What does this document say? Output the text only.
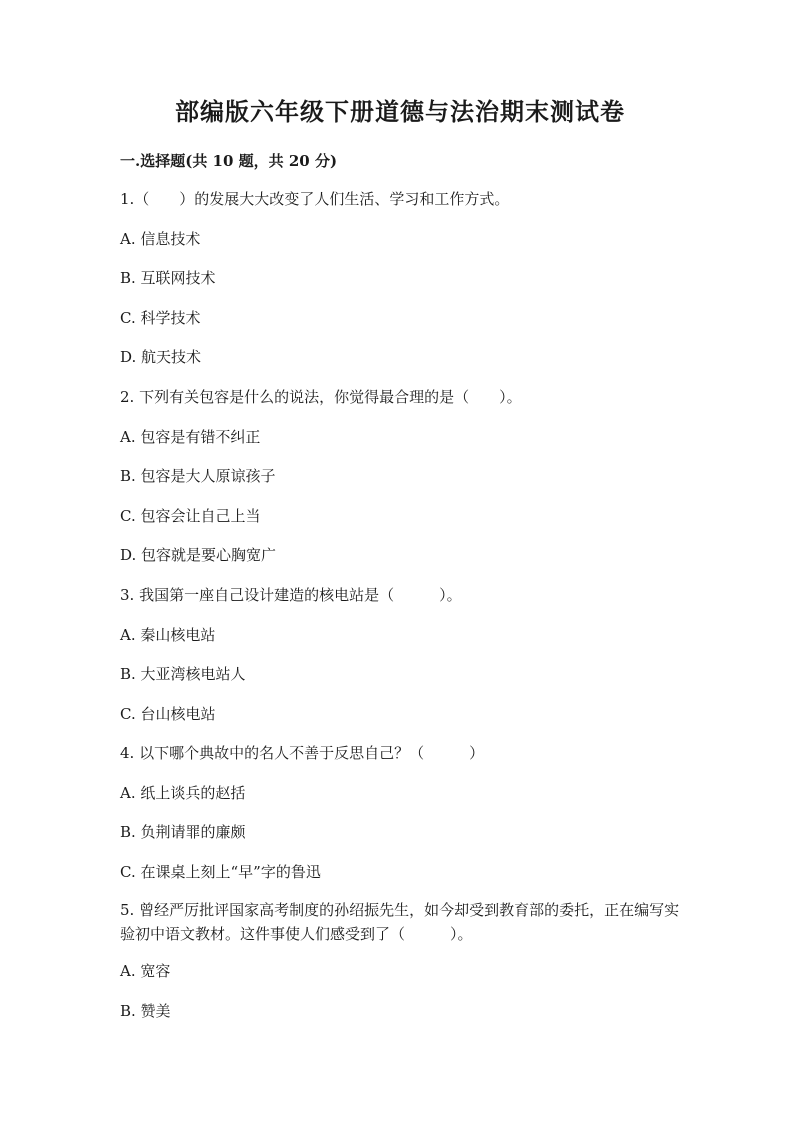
部编版六年级下册道德与法治期末测试卷
一.选择题(共 10 题，共 20 分)
1.（　　）的发展大大改变了人们生活、学习和工作方式。
A. 信息技术
B. 互联网技术
C. 科学技术
D. 航天技术
2. 下列有关包容是什么的说法，你觉得最合理的是（　　）。
A. 包容是有错不纠正
B. 包容是大人原谅孩子
C. 包容会让自己上当
D. 包容就是要心胸宽广
3. 我国第一座自己设计建造的核电站是（　　　）。
A. 秦山核电站
B. 大亚湾核电站人
C. 台山核电站
4. 以下哪个典故中的名人不善于反思自己？（　　　）
A. 纸上谈兵的赵括
B. 负荆请罪的廉颇
C. 在课桌上刻上“早”字的鲁迅
5. 曾经严厉批评国家高考制度的孙绍振先生，如今却受到教育部的委托，正在编写实验初中语文教材。这件事使人们感受到了（　　　）。
A. 宽容
B. 赞美
